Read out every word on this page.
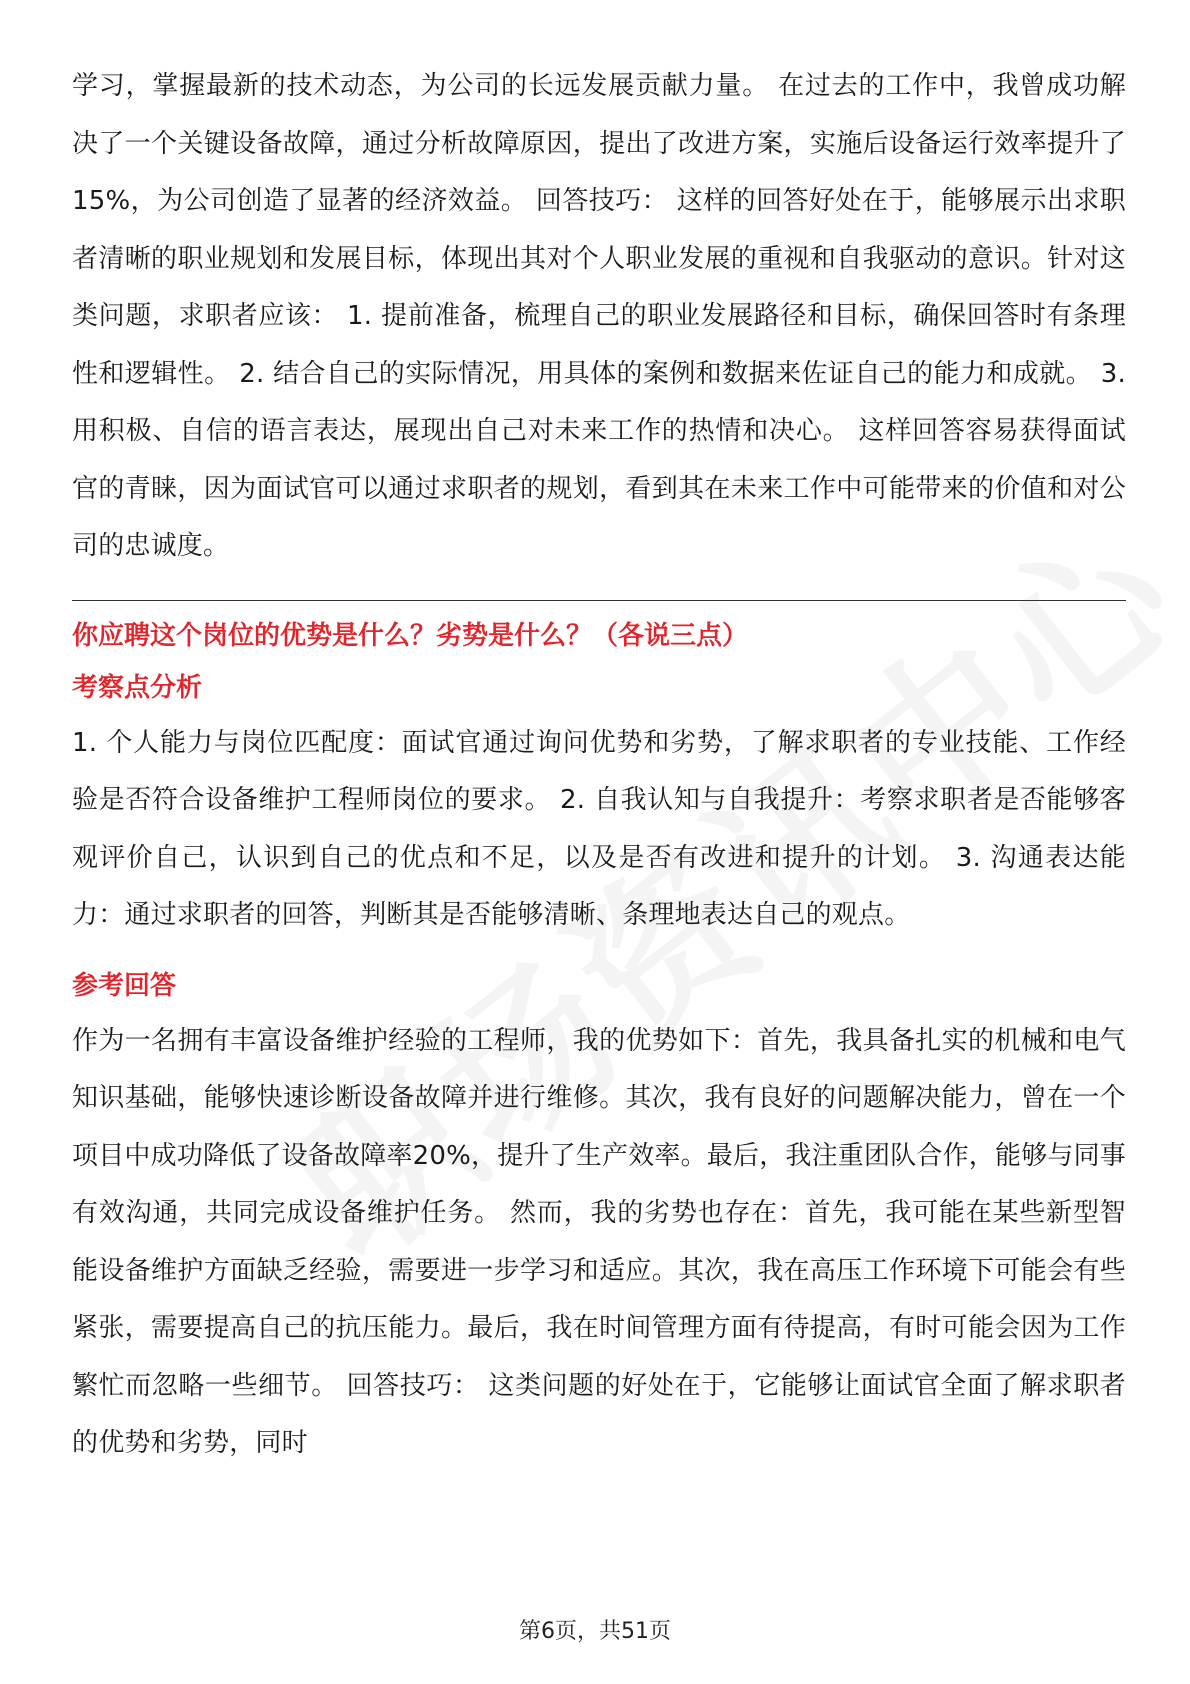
学习，掌握最新的技术动态，为公司的长远发展贡献力量。 在过去的工作中，我曾成功解决了一个关键设备故障，通过分析故障原因，提出了改进方案，实施后设备运行效率提升了15%，为公司创造了显著的经济效益。 回答技巧： 这样的回答好处在于，能够展示出求职者清晰的职业规划和发展目标，体现出其对个人职业发展的重视和自我驱动的意识。针对这类问题，求职者应该： 1. 提前准备，梳理自己的职业发展路径和目标，确保回答时有条理性和逻辑性。 2. 结合自己的实际情况，用具体的案例和数据来佐证自己的能力和成就。 3. 用积极、自信的语言表达，展现出自己对未来工作的热情和决心。 这样回答容易获得面试官的青睐，因为面试官可以通过求职者的规划，看到其在未来工作中可能带来的价值和对公司的忠诚度。

你应聘这个岗位的优势是什么？劣势是什么？（各说三点）

考察点分析

1. 个人能力与岗位匹配度：面试官通过询问优势和劣势，了解求职者的专业技能、工作经验是否符合设备维护工程师岗位的要求。 2. 自我认知与自我提升：考察求职者是否能够客观评价自己，认识到自己的优点和不足，以及是否有改进和提升的计划。 3. 沟通表达能力：通过求职者的回答，判断其是否能够清晰、条理地表达自己的观点。

参考回答

作为一名拥有丰富设备维护经验的工程师，我的优势如下：首先，我具备扎实的机械和电气知识基础，能够快速诊断设备故障并进行维修。其次，我有良好的问题解决能力，曾在一个项目中成功降低了设备故障率20%，提升了生产效率。最后，我注重团队合作，能够与同事有效沟通，共同完成设备维护任务。 然而，我的劣势也存在：首先，我可能在某些新型智能设备维护方面缺乏经验，需要进一步学习和适应。其次，我在高压工作环境下可能会有些紧张，需要提高自己的抗压能力。最后，我在时间管理方面有待提高，有时可能会因为工作繁忙而忽略一些细节。 回答技巧： 这类问题的好处在于，它能够让面试官全面了解求职者的优势和劣势，同时

第6页，共51页
